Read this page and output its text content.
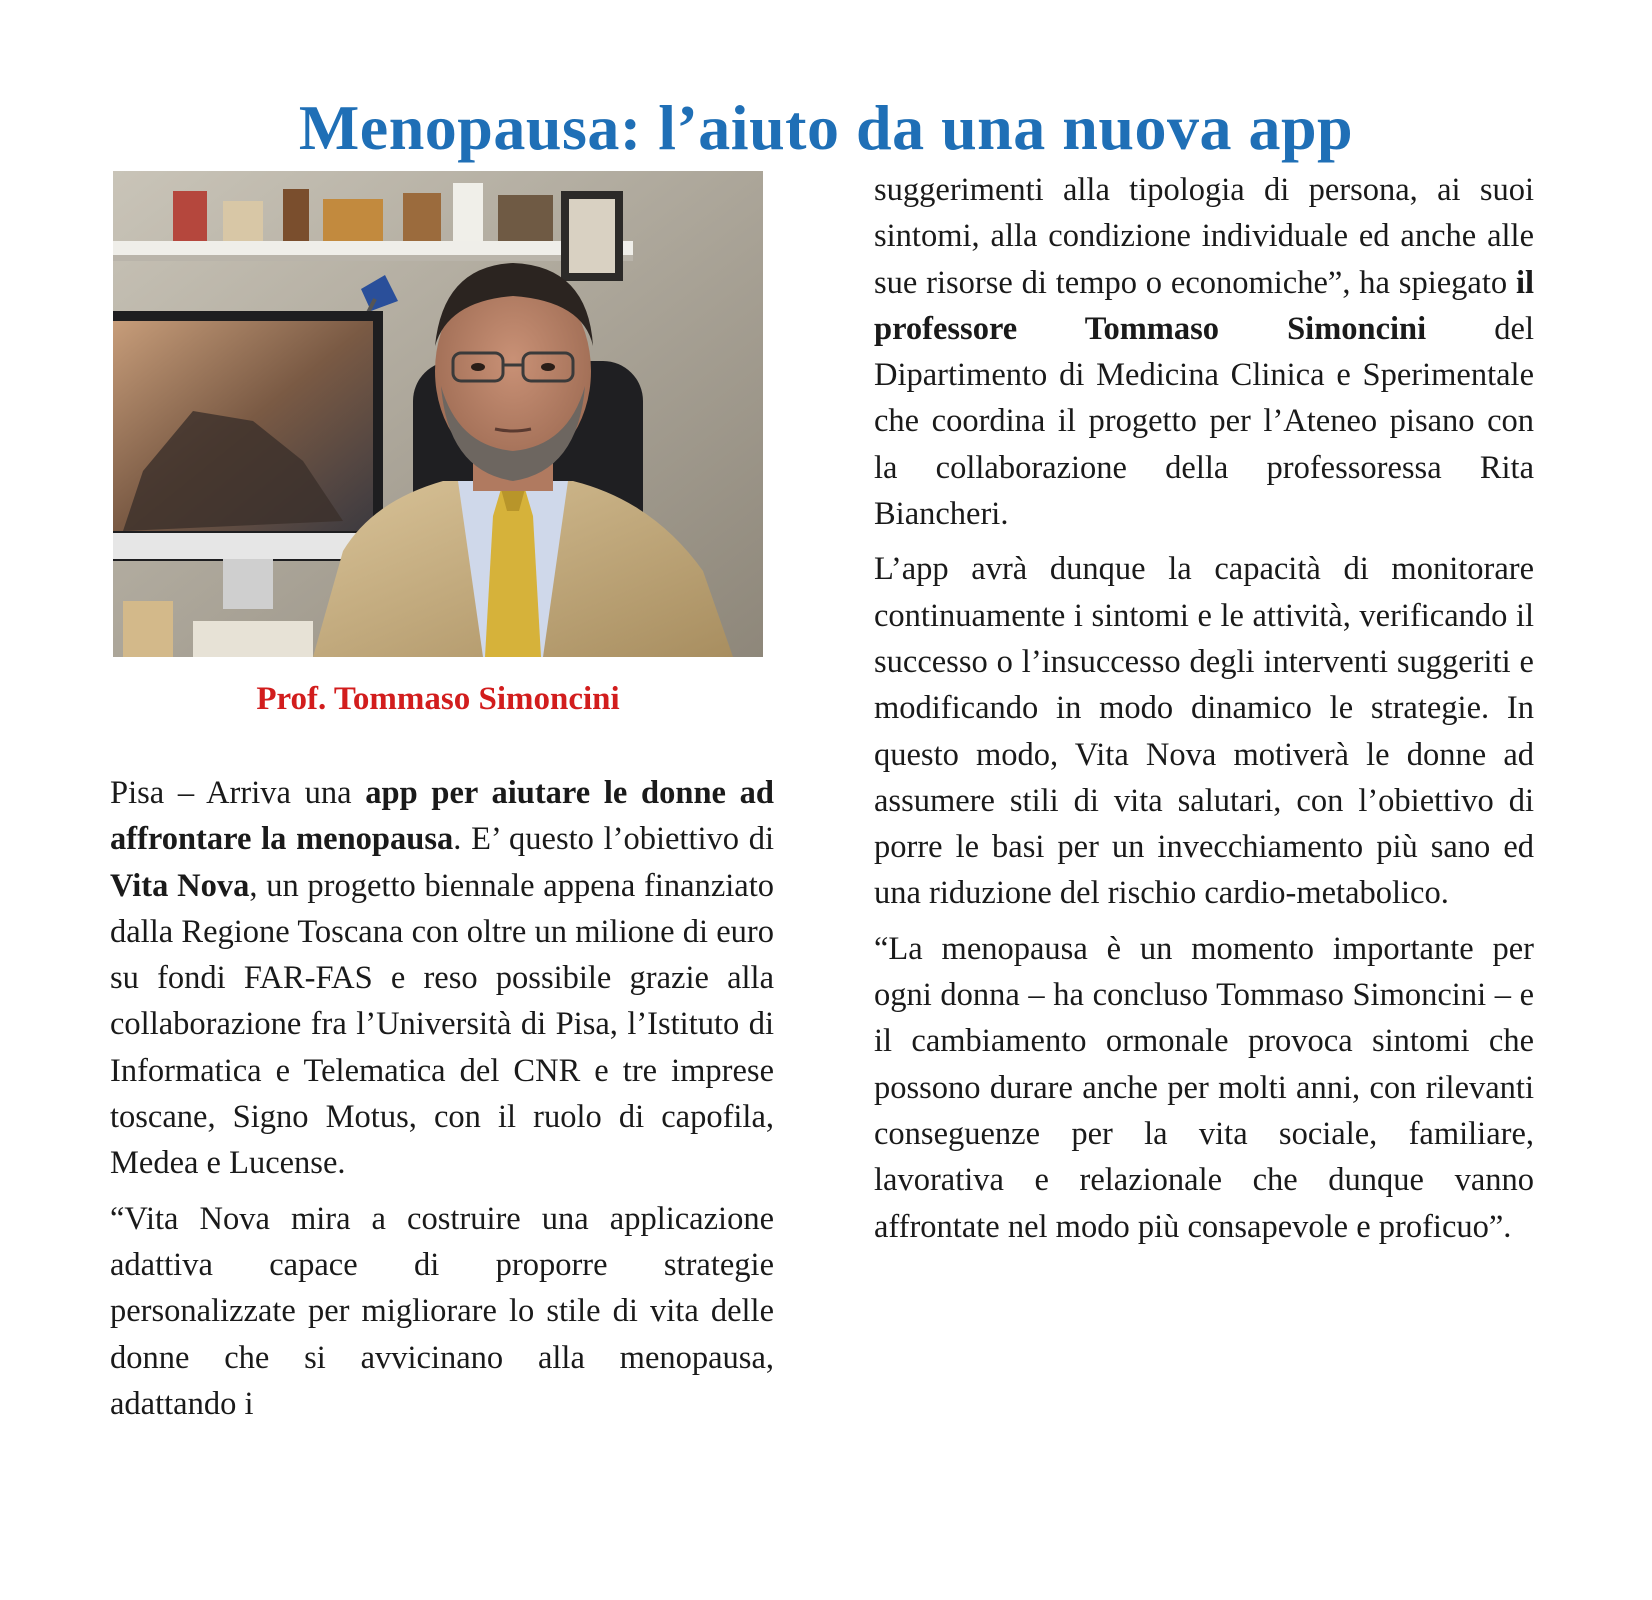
Menopausa: l’aiuto da una nuova app
Prof. Tommaso Simoncini

Pisa – Arriva una app per aiutare le donne ad affrontare la menopausa. E’ questo l’obiettivo di Vita Nova, un progetto biennale appena finanziato dalla Regione Toscana con oltre un milione di euro su fondi FAR-FAS e reso possibile grazie alla collaborazione fra l’Università di Pisa, l’Istituto di Informatica e Telematica del CNR e tre imprese toscane, Signo Motus, con il ruolo di capofila, Medea e Lucense.

“Vita Nova mira a costruire una applicazione adattiva capace di proporre strategie personalizzate per migliorare lo stile di vita delle donne che si avvicinano alla menopausa, adattando i

suggerimenti alla tipologia di persona, ai suoi sintomi, alla condizione individuale ed anche alle sue risorse di tempo o economiche”, ha spiegato il professore Tommaso Simoncini del Dipartimento di Medicina Clinica e Sperimentale che coordina il progetto per l’Ateneo pisano con la collaborazione della professoressa Rita Biancheri.

L’app avrà dunque la capacità di monitorare continuamente i sintomi e le attività, verificando il successo o l’insuccesso degli interventi suggeriti e modificando in modo dinamico le strategie. In questo modo, Vita Nova motiverà le donne ad assumere stili di vita salutari, con l’obiettivo di porre le basi per un invecchiamento più sano ed una riduzione del rischio cardio-metabolico.

“La menopausa è un momento importante per ogni donna – ha concluso Tommaso Simoncini – e il cambiamento ormonale provoca sintomi che possono durare anche per molti anni, con rilevanti conseguenze per la vita sociale, familiare, lavorativa e relazionale che dunque vanno affrontate nel modo più consapevole e proficuo”.
